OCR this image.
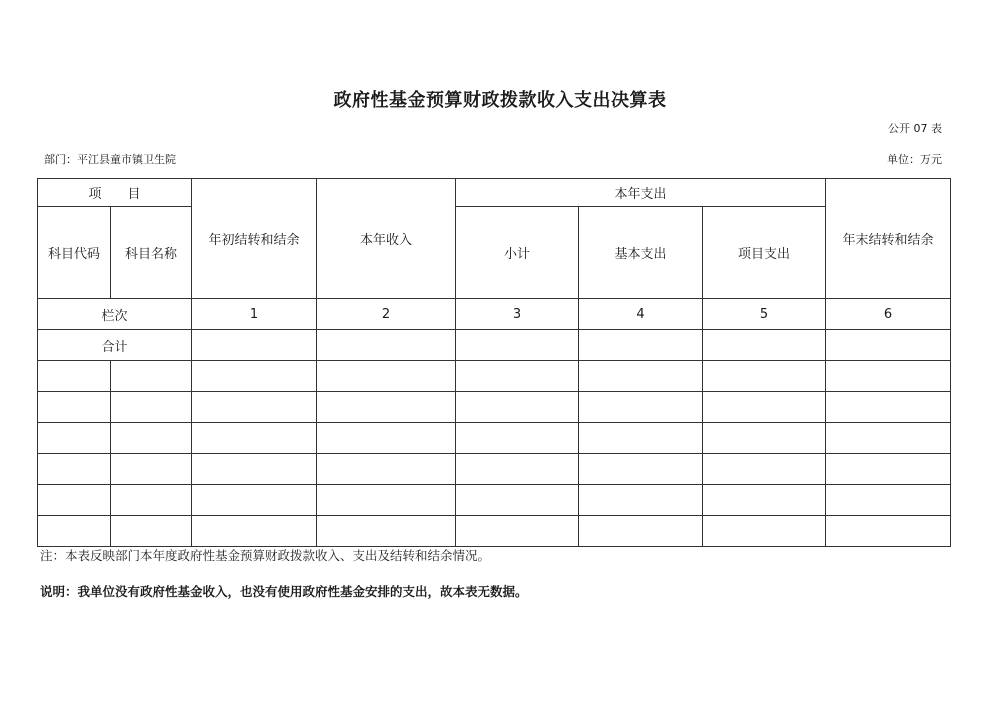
政府性基金预算财政拨款收入支出决算表
公开 07 表
部门：平江县童市镇卫生院	单位：万元
项　　目		年初结转和结余	本年收入	本年支出			年末结转和结余
科目代码	科目名称			小计	基本支出	项目支出	
栏次		1	2	3	4	5	6
合计							

注：本表反映部门本年度政府性基金预算财政拨款收入、支出及结转和结余情况。
说明：我单位没有政府性基金收入，也没有使用政府性基金安排的支出，故本表无数据。
